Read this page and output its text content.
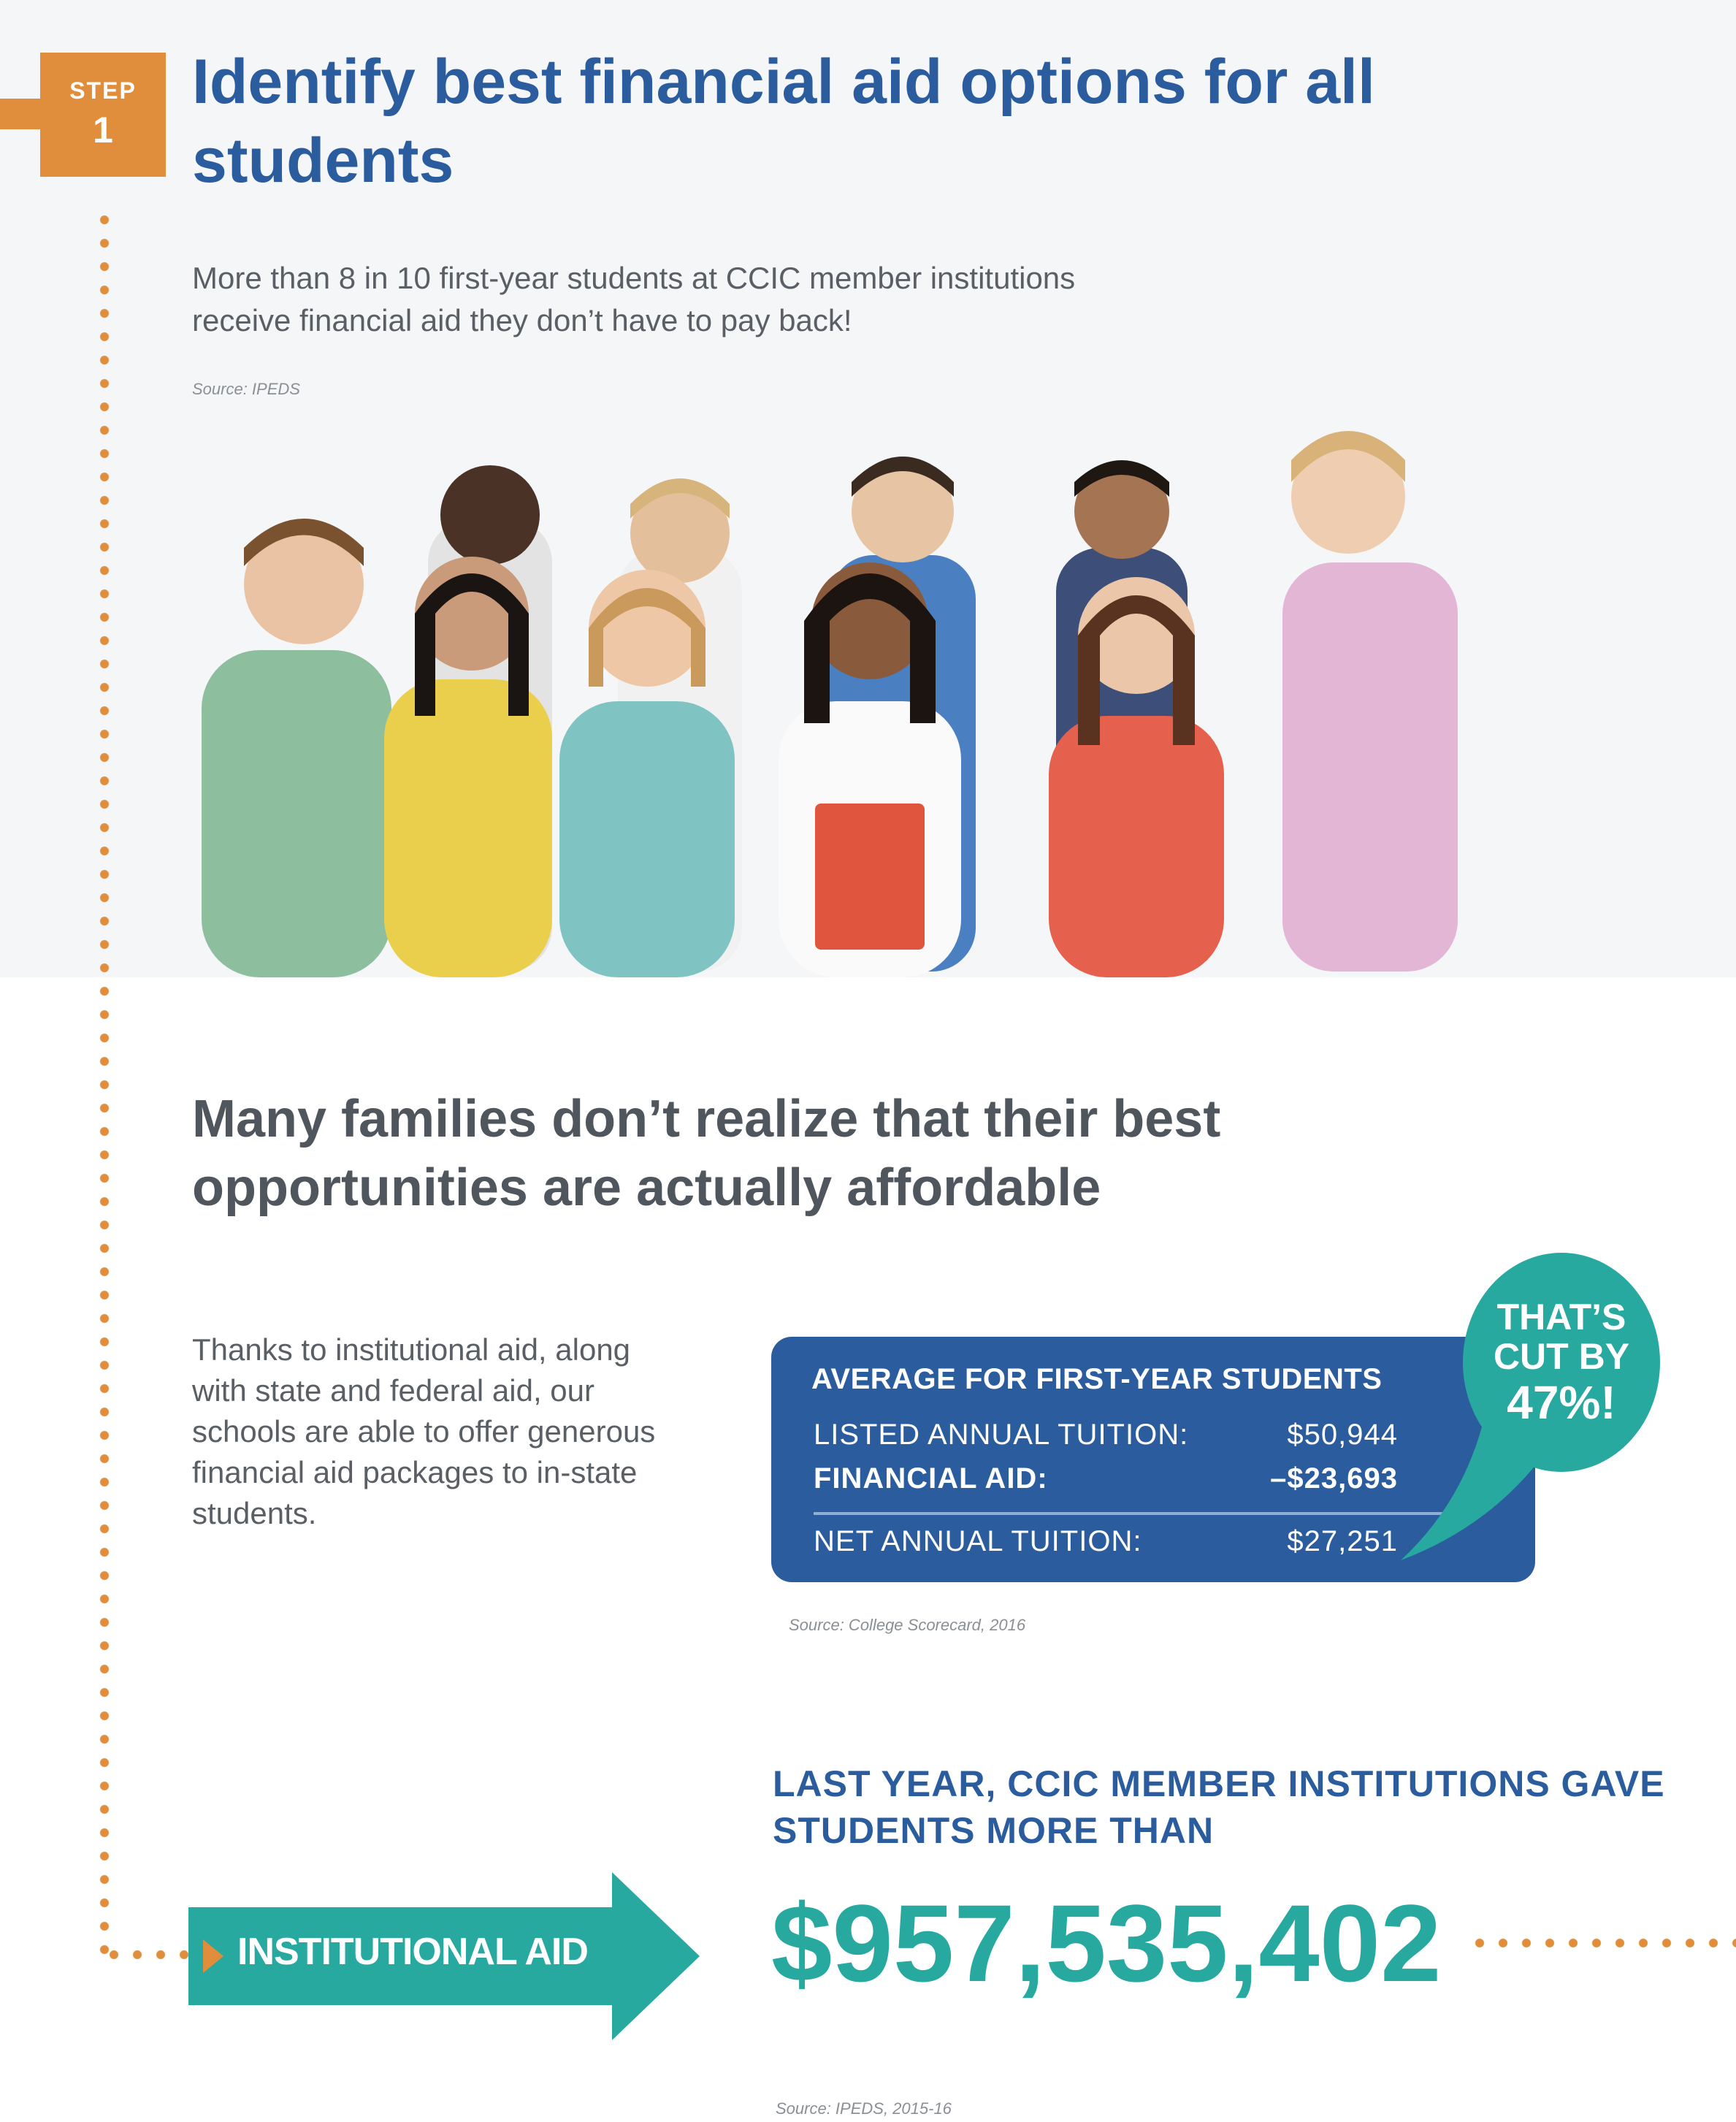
STEP
1
Identify best financial aid options for all students

More than 8 in 10 first-year students at CCIC member institutions receive financial aid they don’t have to pay back!

Source: IPEDS

Many families don’t realize that their best opportunities are actually affordable

Thanks to institutional aid, along with state and federal aid, our schools are able to offer generous financial aid packages to in-state students.

AVERAGE FOR FIRST-YEAR STUDENTS
LISTED ANNUAL TUITION:	$50,944
FINANCIAL AID:	–$23,693
NET ANNUAL TUITION:	$27,251
THAT’S
CUT BY
47%!

Source: College Scorecard, 2016

LAST YEAR, CCIC MEMBER INSTITUTIONS GAVE STUDENTS MORE THAN

INSTITUTIONAL AID $957,535,402

Source: IPEDS, 2015-16
